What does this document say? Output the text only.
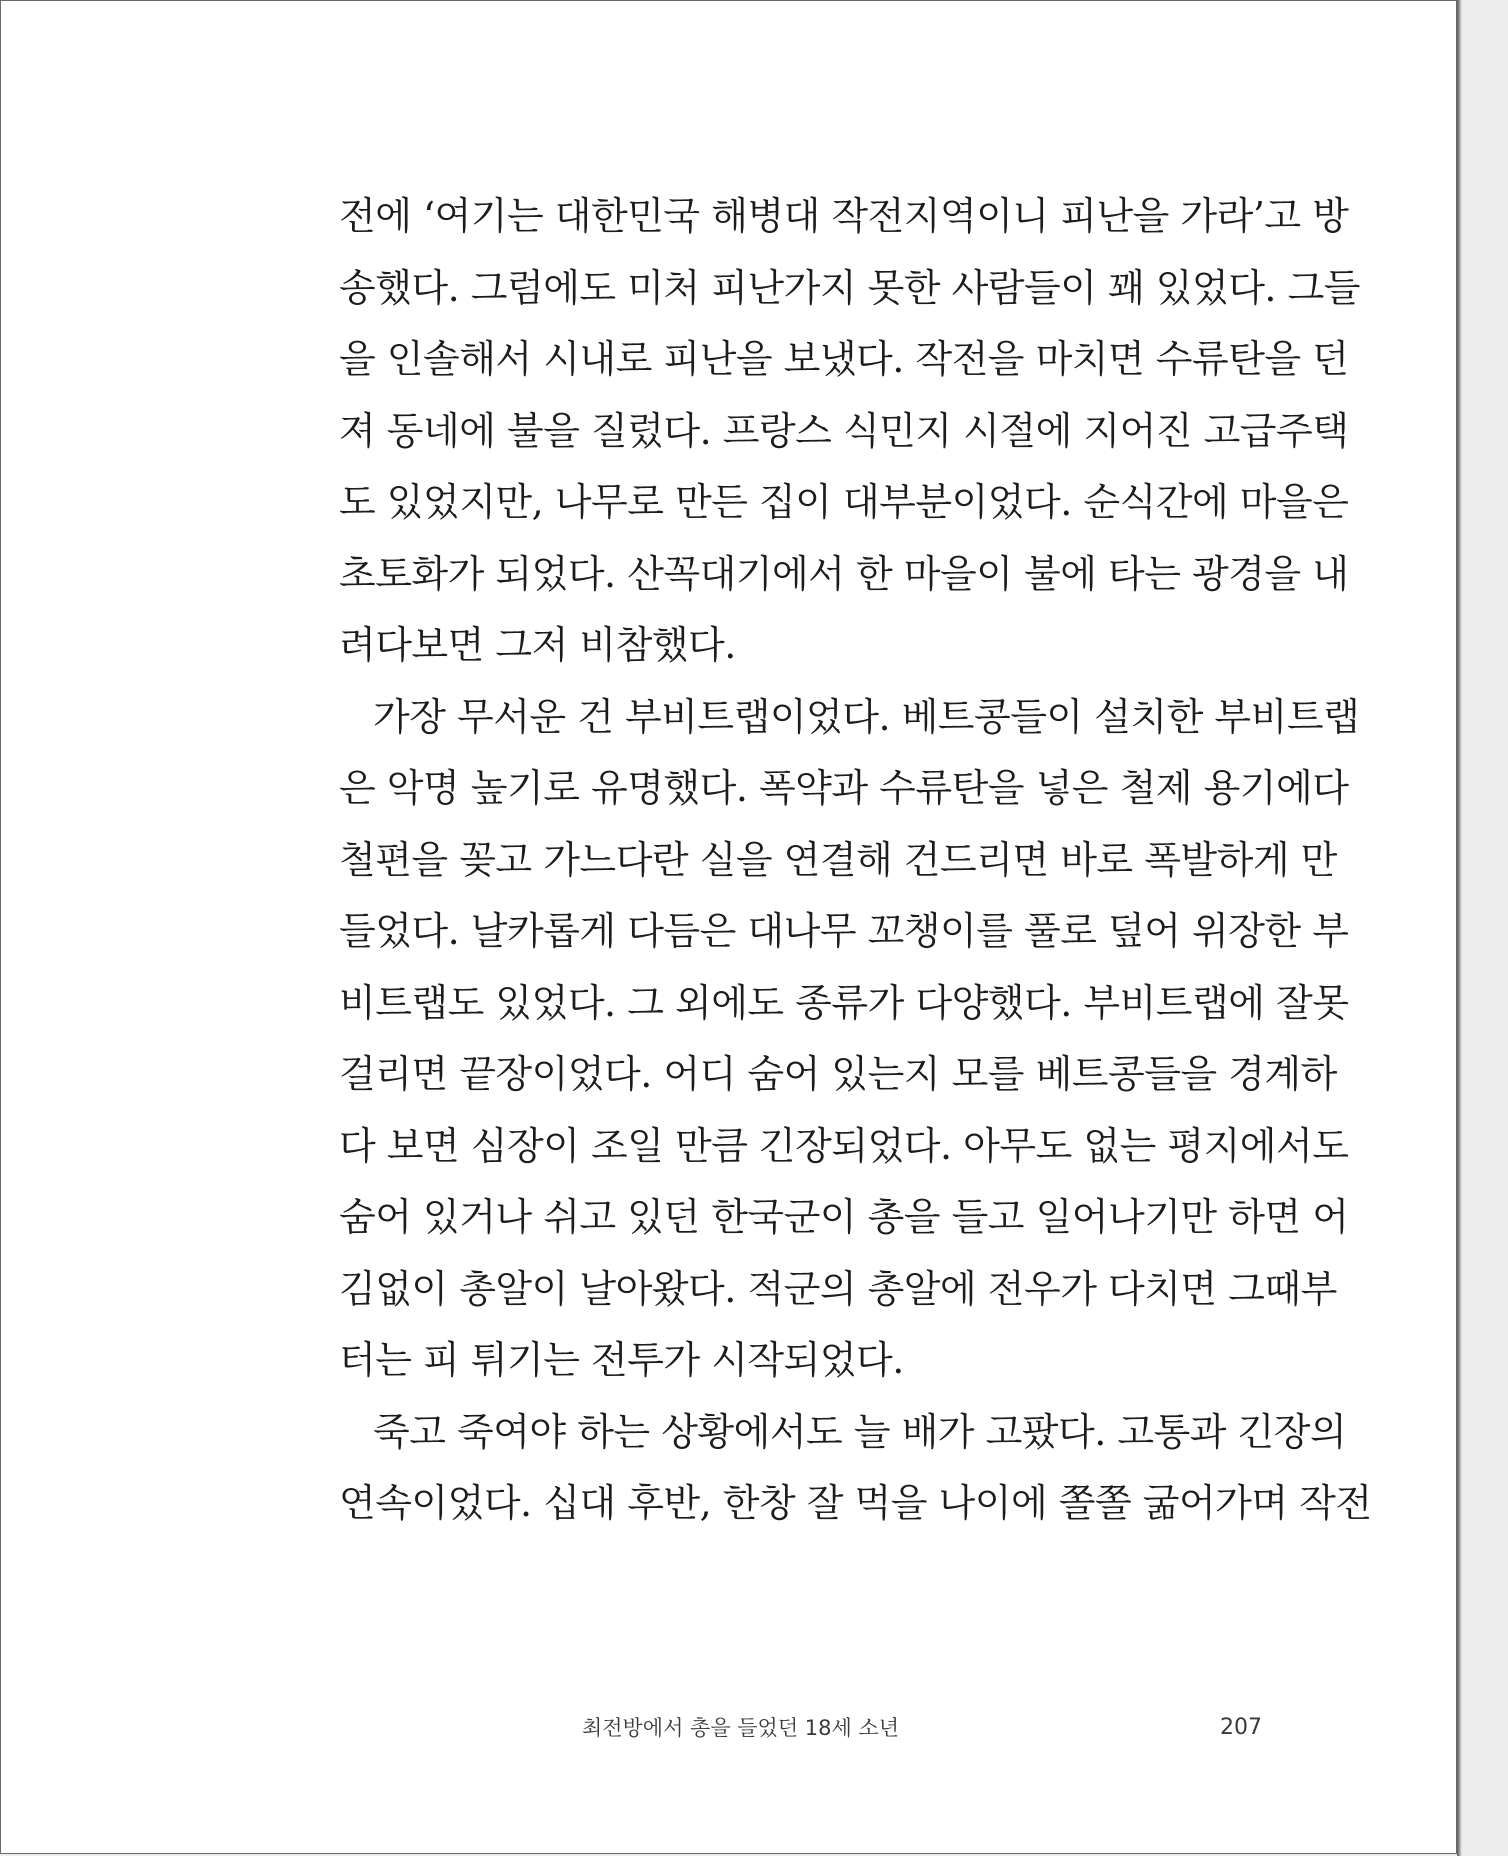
전에 ‘여기는 대한민국 해병대 작전지역이니 피난을 가라’고 방
송했다. 그럼에도 미처 피난가지 못한 사람들이 꽤 있었다. 그들
을 인솔해서 시내로 피난을 보냈다. 작전을 마치면 수류탄을 던
져 동네에 불을 질렀다. 프랑스 식민지 시절에 지어진 고급주택
도 있었지만, 나무로 만든 집이 대부분이었다. 순식간에 마을은
초토화가 되었다. 산꼭대기에서 한 마을이 불에 타는 광경을 내
려다보면 그저 비참했다.
가장 무서운 건 부비트랩이었다. 베트콩들이 설치한 부비트랩
은 악명 높기로 유명했다. 폭약과 수류탄을 넣은 철제 용기에다
철편을 꽂고 가느다란 실을 연결해 건드리면 바로 폭발하게 만
들었다. 날카롭게 다듬은 대나무 꼬챙이를 풀로 덮어 위장한 부
비트랩도 있었다. 그 외에도 종류가 다양했다. 부비트랩에 잘못
걸리면 끝장이었다. 어디 숨어 있는지 모를 베트콩들을 경계하
다 보면 심장이 조일 만큼 긴장되었다. 아무도 없는 평지에서도
숨어 있거나 쉬고 있던 한국군이 총을 들고 일어나기만 하면 어
김없이 총알이 날아왔다. 적군의 총알에 전우가 다치면 그때부
터는 피 튀기는 전투가 시작되었다.
죽고 죽여야 하는 상황에서도 늘 배가 고팠다. 고통과 긴장의
연속이었다. 십대 후반, 한창 잘 먹을 나이에 쫄쫄 굶어가며 작전
최전방에서 총을 들었던 18세 소년	207
